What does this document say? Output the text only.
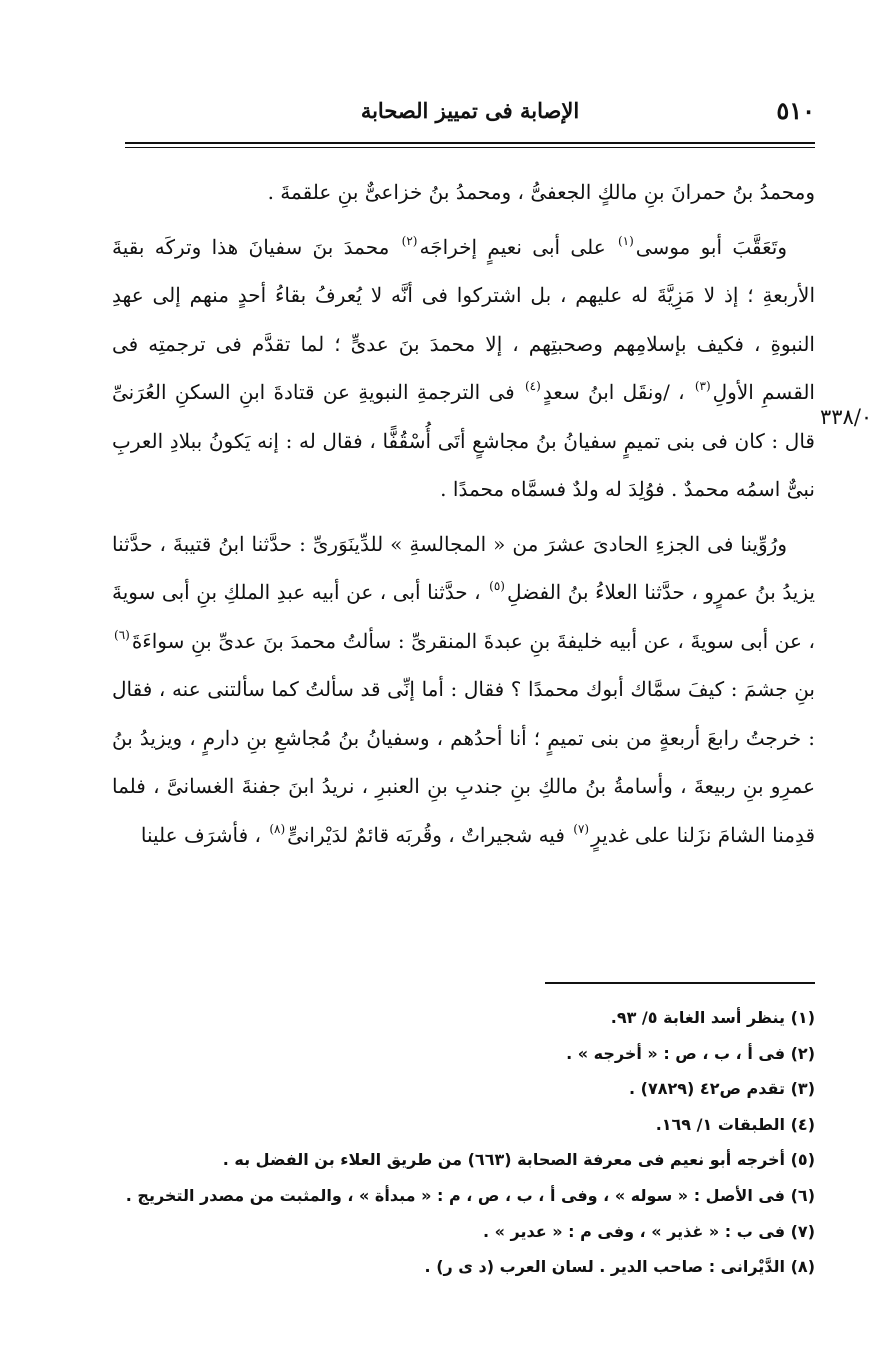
٥١٠
الإصابة فى تمييز الصحابة
٣٣٨/٠

ومحمدُ بنُ حمرانَ بنِ مالكٍ الجعفىُّ ، ومحمدُ بنُ خزاعىٌّ بنِ علقمةَ .

وتَعَقَّبَ أبو موسى$^{(١)}$ على أبى نعيمٍ إخراجَه$^{(٢)}$ محمدَ بنَ سفيانَ هذا وتركَه بقيةَ الأربعةِ ؛ إذ لا مَزِيَّةَ له عليهم ، بل اشتركوا فى أنَّه لا يُعرفُ بقاءُ أحدٍ منهم إلى عهدِ النبوةِ ، فكيف بإسلامِهم وصحبتِهم ، إلا محمدَ بنَ عدىٍّ ؛ لما تقدَّم فى ترجمتِه فى القسمِ الأولِ$^{(٣)}$ ، /ونقَل ابنُ سعدٍ$^{(٤)}$ فى الترجمةِ النبويةِ عن قتادةَ ابنِ السكنِ العُرَنىِّ قال : كان فى بنى تميمٍ سفيانُ بنُ مجاشعٍ أتَى أُسْقُفًّا ، فقال له : إنه يَكونُ ببلادِ العربِ نبىٌّ اسمُه محمدٌ . فوُلِدَ له ولدٌ فسمَّاه محمدًا .

ورُوِّينا فى الجزءِ الحادىَ عشرَ من « المجالسةِ » للدِّينَوَرىِّ : حدَّثنا ابنُ قتيبةَ ، حدَّثنا يزيدُ بنُ عمرٍو ، حدَّثنا العلاءُ بنُ الفضلِ$^{(٥)}$ ، حدَّثنا أبى ، عن أبيه عبدِ الملكِ بنِ أبى سويةَ ، عن أبى سويةَ ، عن أبيه خليفةَ بنِ عبدةَ المنقرىِّ : سألتُ محمدَ بنَ عدىِّ بنِ سواءَةَ$^{(٦)}$ بنِ جشمَ : كيفَ سمَّاك أبوك محمدًا ؟ فقال : أما إنِّى قد سألتُ كما سألتنى عنه ، فقال : خرجتُ رابعَ أربعةٍ من بنى تميمٍ ؛ أنا أحدُهم ، وسفيانُ بنُ مُجاشعِ بنِ دارمٍ ، ويزيدُ بنُ عمرِو بنِ ربيعةَ ، وأسامةُ بنُ مالكِ بنِ جندبِ بنِ العنبرِ ، نريدُ ابنَ جفنةَ الغسانىَّ ، فلما قدِمنا الشامَ نزَلنا على غديرٍ$^{(٧)}$ فيه شجيراتٌ ، وقُربَه قائمٌ لدَيْرانىٍّ$^{(٨)}$ ، فأشرَف علينا

(١) ينظر أسد الغابة ٥/ ٩٣.
(٢) فى أ ، ب ، ص : « أخرجه » .
(٣) تقدم ص٤٢ (٧٨٢٩) .
(٤) الطبقات ١/ ١٦٩.
(٥) أخرجه أبو نعيم فى معرفة الصحابة (٦٦٣) من طريق العلاء بن الفضل به .
(٦) فى الأصل : « سوله » ، وفى أ ، ب ، ص ، م : « مبدأة » ، والمثبت من مصدر التخريج .
(٧) فى ب : « غذير » ، وفى م : « عدير » .
(٨) الدَّيْرانى : صاحب الدير . لسان العرب (د ى ر) .
